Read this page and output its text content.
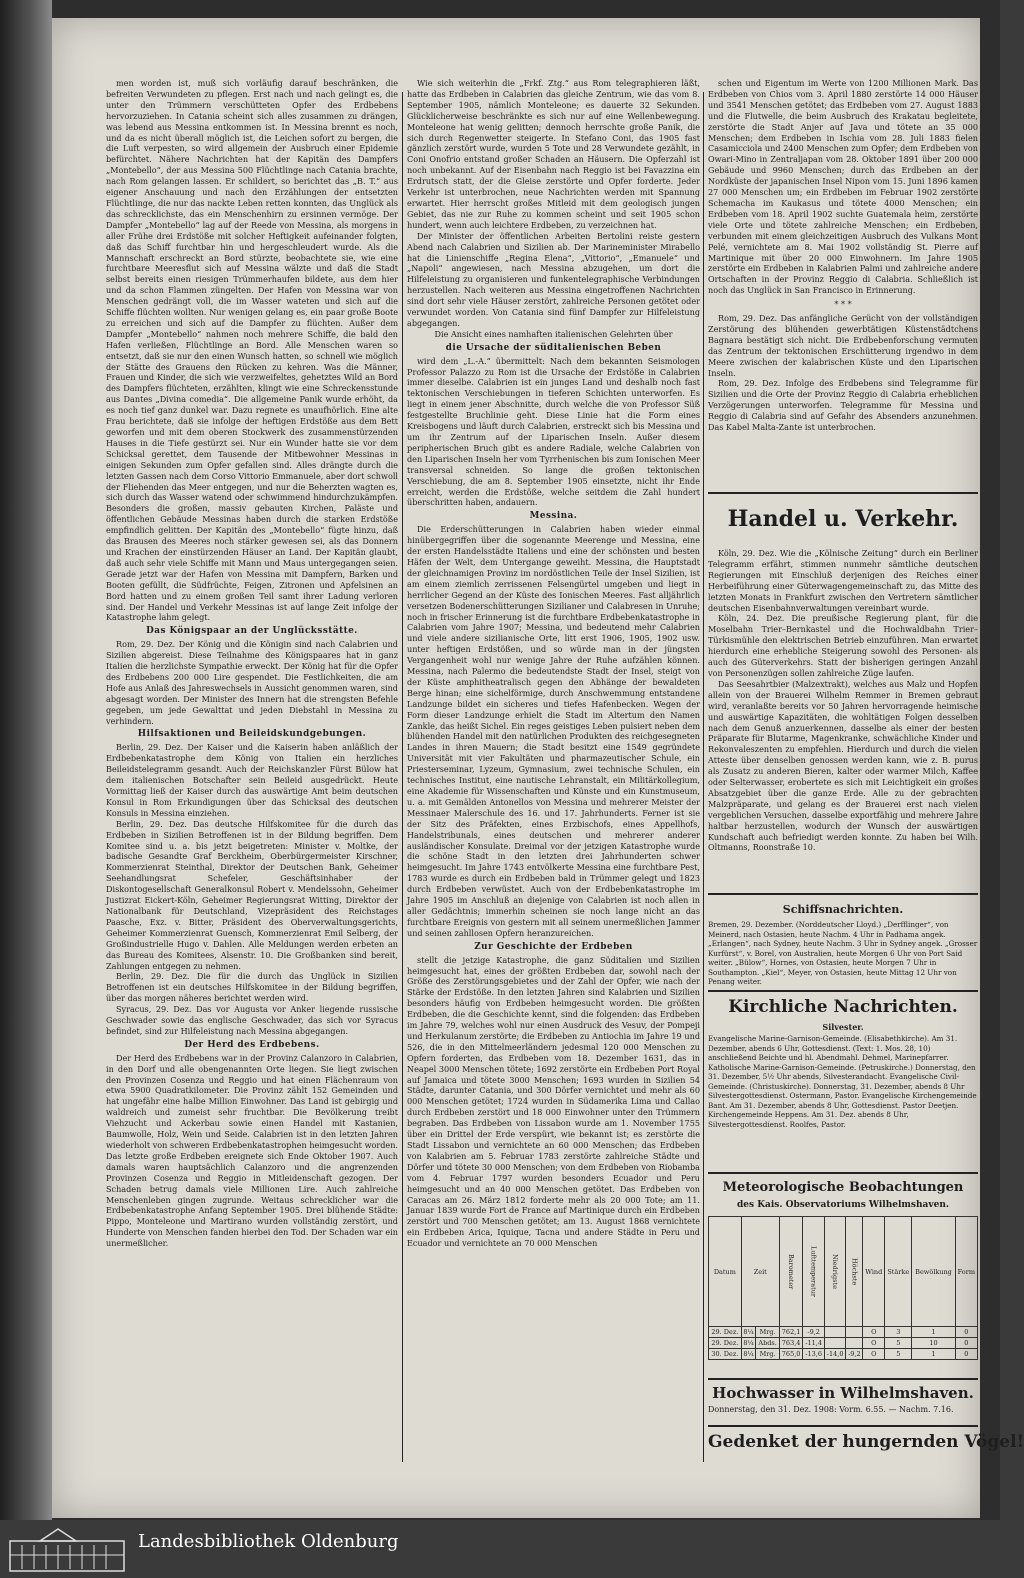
men worden ist, muß sich vorläufig darauf beschränken, die befreiten Verwundeten zu pflegen. Erst nach und nach gelingt es, die unter den Trümmern verschütteten Opfer des Erdbebens hervorzuziehen. In Catania scheint sich alles zusammen zu drängen, was lebend aus Messina entkommen ist. In Messina brennt es noch, und da es nicht überall möglich ist, die Leichen sofort zu bergen, die die Luft verpesten, so wird allgemein der Ausbruch einer Epidemie befürchtet. Nähere Nachrichten hat der Kapitän des Dampfers „Montebello“, der aus Messina 500 Flüchtlinge nach Catania brachte, nach Rom gelangen lassen. Er schildert, so berichtet das „B. T.“ aus eigener Anschauung und nach den Erzählungen der entsetzten Flüchtlinge, die nur das nackte Leben retten konnten, das Unglück als das schrecklichste, das ein Menschenhirn zu ersinnen vermöge. Der Dampfer „Montebello“ lag auf der Reede von Messina, als morgens in aller Frühe drei Erdstöße mit solcher Heftigkeit aufeinander folgten, daß das Schiff furchtbar hin und hergeschleudert wurde. Als die Mannschaft erschreckt an Bord stürzte, beobachtete sie, wie eine furchtbare Meeresflut sich auf Messina wälzte und daß die Stadt selbst bereits einen riesigen Trümmerhaufen bildete, aus dem hier und da schon Flammen züngelten. Der Hafen von Messina war von Menschen gedrängt voll, die im Wasser wateten und sich auf die Schiffe flüchten wollten. Nur wenigen gelang es, ein paar große Boote zu erreichen und sich auf die Dampfer zu flüchten. Außer dem Dampfer „Montebello“ nahmen noch mehrere Schiffe, die bald den Hafen verließen, Flüchtlinge an Bord. Alle Menschen waren so entsetzt, daß sie nur den einen Wunsch hatten, so schnell wie möglich der Stätte des Grauens den Rücken zu kehren. Was die Männer, Frauen und Kinder, die sich wie verzweifeltes, gehetztes Wild an Bord des Dampfers flüchteten, erzählten, klingt wie eine Schreckensstunde aus Dantes „Divina comedia“. Die allgemeine Panik wurde erhöht, da es noch tief ganz dunkel war. Dazu regnete es unaufhörlich. Eine alte Frau berichtete, daß sie infolge der heftigen Erdstöße aus dem Bett geworfen und mit dem oberen Stockwerk des zusammenstürzenden Hauses in die Tiefe gestürzt sei. Nur ein Wunder hatte sie vor dem Schicksal gerettet, dem Tausende der Mitbewohner Messinas in einigen Sekunden zum Opfer gefallen sind. Alles drängte durch die letzten Gassen nach dem Corso Vittorio Emmanuele, aber dort schwoll der Fliehenden das Meer entgegen, und nur die Beherzten wagten es, sich durch das Wasser watend oder schwimmend hindurchzukämpfen. Besonders die großen, massiv gebauten Kirchen, Paläste und öffentlichen Gebäude Messinas haben durch die starken Erdstöße empfindlich gelitten. Der Kapitän des „Montebello“ fügte hinzu, daß das Brausen des Meeres noch stärker gewesen sei, als das Donnern und Krachen der einstürzenden Häuser an Land. Der Kapitän glaubt, daß auch sehr viele Schiffe mit Mann und Maus untergegangen seien. Gerade jetzt war der Hafen von Messina mit Dampfern, Barken und Booten gefüllt, die Südfrüchte, Feigen, Zitronen und Apfelsinen an Bord hatten und zu einem großen Teil samt ihrer Ladung verloren sind. Der Handel und Verkehr Messinas ist auf lange Zeit infolge der Katastrophe lahm gelegt.

Das Königspaar an der Unglücksstätte.

Rom, 29. Dez. Der König und die Königin sind nach Calabrien und Sizilien abgereist. Diese Teilnahme des Königspaares hat in ganz Italien die herzlichste Sympathie erweckt. Der König hat für die Opfer des Erdbebens 200 000 Lire gespendet. Die Festlichkeiten, die am Hofe aus Anlaß des Jahreswechsels in Aussicht genommen waren, sind abgesagt worden. Der Minister des Innern hat die strengsten Befehle gegeben, um jede Gewalttat und jeden Diebstahl in Messina zu verhindern.

Hilfsaktionen und Beileidskundgebungen.

Berlin, 29. Dez. Der Kaiser und die Kaiserin haben anläßlich der Erdbebenkatastrophe dem König von Italien ein herzliches Beileidstelegramm gesandt. Auch der Reichskanzler Fürst Bülow hat dem italienischen Botschafter sein Beileid ausgedrückt. Heute Vormittag ließ der Kaiser durch das auswärtige Amt beim deutschen Konsul in Rom Erkundigungen über das Schicksal des deutschen Konsuls in Messina einziehen.

Berlin, 29. Dez. Das deutsche Hilfskomitee für die durch das Erdbeben in Sizilien Betroffenen ist in der Bildung begriffen. Dem Komitee sind u. a. bis jetzt beigetreten: Minister v. Moltke, der badische Gesandte Graf Berckheim, Oberbürgermeister Kirschner, Kommerzienrat Steinthal, Direktor der Deutschen Bank, Geheimer Seehandlungsrat Schefeler, Geschäftsinhaber der Diskontogesellschaft Generalkonsul Robert v. Mendelssohn, Geheimer Justizrat Eickert-Köln, Geheimer Regierungsrat Witting, Direktor der Nationalbank für Deutschland, Vizepräsident des Reichstages Paasche, Exz. v. Bitter, Präsident des Oberverwaltungsgerichts, Geheimer Kommerzienrat Guensch, Kommerzienrat Emil Selberg, der Großindustrielle Hugo v. Dahlen. Alle Meldungen werden erbeten an das Bureau des Komitees, Alsenstr. 10. Die Großbanken sind bereit, Zahlungen entgegen zu nehmen.

Berlin, 29. Dez. Die für die durch das Unglück in Sizilien Betroffenen ist ein deutsches Hilfskomitee in der Bildung begriffen, über das morgen näheres berichtet werden wird.

Syracus, 29. Dez. Das vor Augusta vor Anker liegende russische Geschwader sowie das englische Geschwader, das sich vor Syracus befindet, sind zur Hilfeleistung nach Messina abgegangen.

Der Herd des Erdbebens.

Der Herd des Erdbebens war in der Provinz Calanzoro in Calabrien, in den Dorf und alle obengenannten Orte liegen. Sie liegt zwischen den Provinzen Cosenza und Reggio und hat einen Flächenraum von etwa 5900 Quadratkilometer. Die Provinz zählt 152 Gemeinden und hat ungefähr eine halbe Million Einwohner. Das Land ist gebirgig und waldreich und zumeist sehr fruchtbar. Die Bevölkerung treibt Viehzucht und Ackerbau sowie einen Handel mit Kastanien, Baumwolle, Holz, Wein und Seide. Calabrien ist in den letzten Jahren wiederholt von schweren Erdbebenkatastrophen heimgesucht worden. Das letzte große Erdbeben ereignete sich Ende Oktober 1907. Auch damals waren hauptsächlich Calanzoro und die angrenzenden Provinzen Cosenza und Reggio in Mitleidenschaft gezogen. Der Schaden betrug damals viele Millionen Lire. Auch zahlreiche Menschenleben gingen zugrunde. Weitaus schrecklicher war die Erdbebenkatastrophe Anfang September 1905. Drei blühende Städte: Pippo, Monteleone und Martirano wurden vollständig zerstört, und Hunderte von Menschen fanden hierbei den Tod. Der Schaden war ein unermeßlicher.

Wie sich weiterhin die „Frkf. Ztg.“ aus Rom telegraphieren läßt, hatte das Erdbeben in Calabrien das gleiche Zentrum, wie das vom 8. September 1905, nämlich Monteleone; es dauerte 32 Sekunden. Glücklicherweise beschränkte es sich nur auf eine Wellenbewegung. Monteleone hat wenig gelitten; dennoch herrschte große Panik, die sich durch Regenwetter steigerte. In Stefano Coni, das 1905 fast gänzlich zerstört wurde, wurden 5 Tote und 28 Verwundete gezählt, in Coni Onofrio entstand großer Schaden an Häusern. Die Opferzahl ist noch unbekannt. Auf der Eisenbahn nach Reggio ist bei Favazzina ein Erdrutsch statt, der die Gleise zerstörte und Opfer forderte. Jeder Verkehr ist unterbrochen, neue Nachrichten werden mit Spannung erwartet. Hier herrscht großes Mitleid mit dem geologisch jungen Gebiet, das nie zur Ruhe zu kommen scheint und seit 1905 schon hundert, wenn auch leichtere Erdbeben, zu verzeichnen hat.

Der Minister der öffentlichen Arbeiten Bertolini reiste gestern Abend nach Calabrien und Sizilien ab. Der Marineminister Mirabello hat die Linienschiffe „Regina Elena“, „Vittorio“, „Emanuele“ und „Napoli“ angewiesen, nach Messina abzugehen, um dort die Hilfeleistung zu organisieren und funkentelegraphische Verbindungen herzustellen. Nach weiteren aus Messina eingetroffenen Nachrichten sind dort sehr viele Häuser zerstört, zahlreiche Personen getötet oder verwundet worden. Von Catania sind fünf Dampfer zur Hilfeleistung abgegangen.

Die Ansicht eines namhaften italienischen Gelehrten über

die Ursache der süditalienischen Beben

wird dem „L.-A.“ übermittelt: Nach dem bekannten Seismologen Professor Palazzo zu Rom ist die Ursache der Erdstöße in Calabrien immer dieselbe. Calabrien ist ein junges Land und deshalb noch fast tektonischen Verschiebungen in tieferen Schichten unterworfen. Es liegt in einem jener Abschnitte, durch welche die von Professor Süß festgestellte Bruchlinie geht. Diese Linie hat die Form eines Kreisbogens und läuft durch Calabrien, erstreckt sich bis Messina und um ihr Zentrum auf der Liparischen Inseln. Außer diesem peripherischen Bruch gibt es andere Radiale, welche Calabrien von den Liparischen Inseln her vom Tyrrhenischen bis zum Ionischen Meer transversal schneiden. So lange die großen tektonischen Verschiebung, die am 8. September 1905 einsetzte, nicht ihr Ende erreicht, werden die Erdstöße, welche seitdem die Zahl hundert überschritten haben, andauern.

Messina.

Die Erderschütterungen in Calabrien haben wieder einmal hinübergegriffen über die sogenannte Meerenge und Messina, eine der ersten Handelsstädte Italiens und eine der schönsten und besten Häfen der Welt, dem Untergange geweiht. Messina, die Hauptstadt der gleichnamigen Provinz im nordöstlichen Teile der Insel Sizilien, ist am einem ziemlich zerrissenen Felsengürtel umgeben und liegt in herrlicher Gegend an der Küste des Ionischen Meeres. Fast alljährlich versetzen Bodenerschütterungen Sizilianer und Calabresen in Unruhe; noch in frischer Erinnerung ist die furchtbare Erdbebenkatastrophe in Calabrien vom Jahre 1907; Messina, und bedeutend mehr Calabrien und viele andere sizilianische Orte, litt erst 1906, 1905, 1902 usw. unter heftigen Erdstößen, und so würde man in der jüngsten Vergangenheit wohl nur wenige Jahre der Ruhe aufzählen können. Messina, nach Palermo die bedeutendste Stadt der Insel, steigt von der Küste amphitheatralisch gegen den Abhänge der bewaldeten Berge hinan; eine sichelförmige, durch Anschwemmung entstandene Landzunge bildet ein sicheres und tiefes Hafenbecken. Wegen der Form dieser Landzunge erhielt die Stadt im Altertum den Namen Zankle, das heißt Sichel. Ein reges geistiges Leben pulsiert neben dem blühenden Handel mit den natürlichen Produkten des reichgesegneten Landes in ihren Mauern; die Stadt besitzt eine 1549 gegründete Universität mit vier Fakultäten und pharmazeutischer Schule, ein Priesterseminar, Lyzeum, Gymnasium, zwei technische Schulen, ein technisches Institut, eine nautische Lehranstalt, ein Militärkollegium, eine Akademie für Wissenschaften und Künste und ein Kunstmuseum, u. a. mit Gemälden Antonellos von Messina und mehrerer Meister der Messinaer Malerschule des 16. und 17. Jahrhunderts. Ferner ist sie der Sitz des Präfekten, eines Erzbischofs, eines Appellhofs, Handelstribunals, eines deutschen und mehrerer anderer ausländischer Konsulate. Dreimal vor der jetzigen Katastrophe wurde die schöne Stadt in den letzten drei Jahrhunderten schwer heimgesucht. Im Jahre 1743 entvölkerte Messina eine furchtbare Pest, 1783 wurde es durch ein Erdbeben bald in Trümmer gelegt und 1823 durch Erdbeben verwüstet. Auch von der Erdbebenkatastrophe im Jahre 1905 im Anschluß an diejenige von Calabrien ist noch allen in aller Gedächtnis; immerhin scheinen sie noch lange nicht an das furchtbare Ereignis von gestern mit all seinem unermeßlichen Jammer und seinen zahllosen Opfern heranzureichen.

Zur Geschichte der Erdbeben

stellt die jetzige Katastrophe, die ganz Süditalien und Sizilien heimgesucht hat, eines der größten Erdbeben dar, sowohl nach der Größe des Zerstörungsgebietes und der Zahl der Opfer, wie nach der Stärke der Erdstöße. In den letzten Jahren sind Kalabrien und Sizilien besonders häufig von Erdbeben heimgesucht worden. Die größten Erdbeben, die die Geschichte kennt, sind die folgenden: das Erdbeben im Jahre 79, welches wohl nur einen Ausdruck des Vesuv, der Pompeji und Herkulanum zerstörte; die Erdbeben zu Antiochia im Jahre 19 und 526, die in den Mittelmeerländern jedesmal 120 000 Menschen zu Opfern forderten, das Erdbeben vom 18. Dezember 1631, das in Neapel 3000 Menschen tötete; 1692 zerstörte ein Erdbeben Port Royal auf Jamaica und tötete 3000 Menschen; 1693 wurden in Sizilien 54 Städte, darunter Catania, und 300 Dörfer vernichtet und mehr als 60 000 Menschen getötet; 1724 wurden in Südamerika Lima und Callao durch Erdbeben zerstört und 18 000 Einwohner unter den Trümmern begraben. Das Erdbeben von Lissabon wurde am 1. November 1755 über ein Drittel der Erde verspürt, wie bekannt ist; es zerstörte die Stadt Lissabon und vernichtete an 60 000 Menschen; das Erdbeben von Kalabrien am 5. Februar 1783 zerstörte zahlreiche Städte und Dörfer und tötete 30 000 Menschen; von dem Erdbeben von Riobamba vom 4. Februar 1797 wurden besonders Ecuador und Peru heimgesucht und an 40 000 Menschen getötet. Das Erdbeben von Caracas am 26. März 1812 forderte mehr als 20 000 Tote; am 11. Januar 1839 wurde Fort de France auf Martinique durch ein Erdbeben zerstört und 700 Menschen getötet; am 13. August 1868 vernichtete ein Erdbeben Arica, Iquique, Tacna und andere Städte in Peru und Ecuador und vernichtete an 70 000 Menschen

schen und Eigentum im Werte von 1200 Millionen Mark. Das Erdbeben von Chios vom 3. April 1880 zerstörte 14 000 Häuser und 3541 Menschen getötet; das Erdbeben vom 27. August 1883 und die Flutwelle, die beim Ausbruch des Krakatau begleitete, zerstörte die Stadt Anjer auf Java und tötete an 35 000 Menschen; dem Erdbeben in Ischia vom 28. Juli 1883 fielen Casamicciola und 2400 Menschen zum Opfer; dem Erdbeben von Owari-Mino in Zentraljapan vom 28. Oktober 1891 über 200 000 Gebäude und 9960 Menschen; durch das Erdbeben an der Nordküste der japanischen Insel Nipon vom 15. Juni 1896 kamen 27 000 Menschen um; ein Erdbeben im Februar 1902 zerstörte Schemacha im Kaukasus und tötete 4000 Menschen; ein Erdbeben vom 18. April 1902 suchte Guatemala heim, zerstörte viele Orte und tötete zahlreiche Menschen; ein Erdbeben, verbunden mit einem gleichzeitigen Ausbruch des Vulkans Mont Pelé, vernichtete am 8. Mai 1902 vollständig St. Pierre auf Martinique mit über 20 000 Einwohnern. Im Jahre 1905 zerstörte ein Erdbeben in Kalabrien Palmi und zahlreiche andere Ortschaften in der Provinz Reggio di Calabria. Schließlich ist noch das Unglück in San Francisco in Erinnerung.

* * *

Rom, 29. Dez. Das anfängliche Gerücht von der vollständigen Zerstörung des blühenden gewerbtätigen Küstenstädtchens Bagnara bestätigt sich nicht. Die Erdbebenforschung vermuten das Zentrum der tektonischen Erschütterung irgendwo in dem Meere zwischen der kalabrischen Küste und den Liparischen Inseln.

Rom, 29. Dez. Infolge des Erdbebens sind Telegramme für Sizilien und die Orte der Provinz Reggio di Calabria erheblichen Verzögerungen unterworfen. Telegramme für Messina und Reggio di Calabria sind auf Gefahr des Absenders anzunehmen. Das Kabel Malta-Zante ist unterbrochen.

Handel u. Verkehr.

Köln, 29. Dez. Wie die „Kölnische Zeitung“ durch ein Berliner Telegramm erfährt, stimmen nunmehr sämtliche deutschen Regierungen mit Einschluß derjenigen des Reiches einer Herbeiführung einer Güterwagengemeinschaft zu, das Mitte des letzten Monats in Frankfurt zwischen den Vertretern sämtlicher deutschen Eisenbahnverwaltungen vereinbart wurde.

Köln, 24. Dez. Die preußische Regierung plant, für die Moselbahn Trier–Bernkastel und die Hochwaldbahn Trier–Türkismühle den elektrischen Betrieb einzuführen. Man erwartet hierdurch eine erhebliche Steigerung sowohl des Personen- als auch des Güterverkehrs. Statt der bisherigen geringen Anzahl von Personenzügen sollen zahlreiche Züge laufen.

Das Seesahrtbier (Malzextrakt), welches aus Malz und Hopfen allein von der Brauerei Wilhelm Remmer in Bremen gebraut wird, veranlaßte bereits vor 50 Jahren hervorragende heimische und auswärtige Kapazitäten, die wohltätigen Folgen desselben nach dem Genuß anzuerkennen, dasselbe als einer der besten Präparate für Blutarme, Magenkranke, schwächliche Kinder und Rekonvaleszenten zu empfehlen. Hierdurch und durch die vielen Atteste über denselben genossen werden kann, wie z. B. purus als Zusatz zu anderen Bieren, kalter oder warmer Milch, Kaffee oder Selterwasser, erobertete es sich mit Leichtigkeit ein großes Absatzgebiet über die ganze Erde. Alle zu der gebrachten Malzpräparate, und gelang es der Brauerei erst nach vielen vergeblichen Versuchen, dasselbe exportfähig und mehrere Jahre haltbar herzustellen, wodurch der Wunsch der auswärtigen Kundschaft auch befriedigt werden konnte. Zu haben bei Wilh. Oltmanns, Roonstraße 10.

Schiffsnachrichten.
Bremen, 29. Dezember. (Norddeutscher Lloyd.) „Derfflinger“, von Meinerd, nach Ostasien, heute Nachm. 4 Uhr in Padhama angek. „Erlangen“, nach Sydney, heute Nachm. 3 Uhr in Sydney angek. „Grosser Kurfürst“, v. Borel, von Australien, heute Morgen 6 Uhr von Port Said weiter. „Bülow“, Hornes, von Ostasien, heute Morgen 7 Uhr in Southampton. „Kiel“, Meyer, von Ostasien, heute Mittag 12 Uhr von Penang weiter.
Kirchliche Nachrichten.
Silvester.
Evangelische Marine-Garnison-Gemeinde. (Elisabethkirche). Am 31. Dezember, abends 6 Uhr, Gottesdienst. (Text: 1. Mos. 28, 10) anschließend Beichte und hl. Abendmahl. Dehmel, Marinepfarrer. Katholische Marine-Garnison-Gemeinde. (Petruskirche.) Donnerstag, den 31. Dezember, 5½ Uhr abends, Silvesterandacht. Evangelische Civil-Gemeinde. (Christuskirche). Donnerstag, 31. Dezember, abends 8 Uhr Silvestergottesdienst. Ostermann, Pastor. Evangelische Kirchengemeinde Bant. Am 31. Dezember, abends 8 Uhr, Gottesdienst. Pastor Deetjen. Kirchengemeinde Heppens. Am 31. Dez. abends 8 Uhr, Silvestergottesdienst. Roolfes, Pastor.
Meteorologische Beobachtungen
des Kais. Observatoriums Wilhelmshaven.
Datum	Zeit		Barometer	Lufttemperatur	Niedrigste	Höchste	Wind	Stärke	Bewölkung	Form
29. Dez.	8¼	Mrg.	762,1	-9,2			O	3	1	0
29. Dez.	8¼	Abds.	763,4	-11,4			O	5	10	0
30. Dez.	8¼	Mrg.	765,0	-13,6	-14,0	-9,2	O	5	1	0
Hochwasser in Wilhelmshaven.
Donnerstag, den 31. Dez. 1908: Vorm. 6.55. — Nachm. 7.16.
Gedenket der hungernden Vögel!
Landesbibliothek Oldenburg
